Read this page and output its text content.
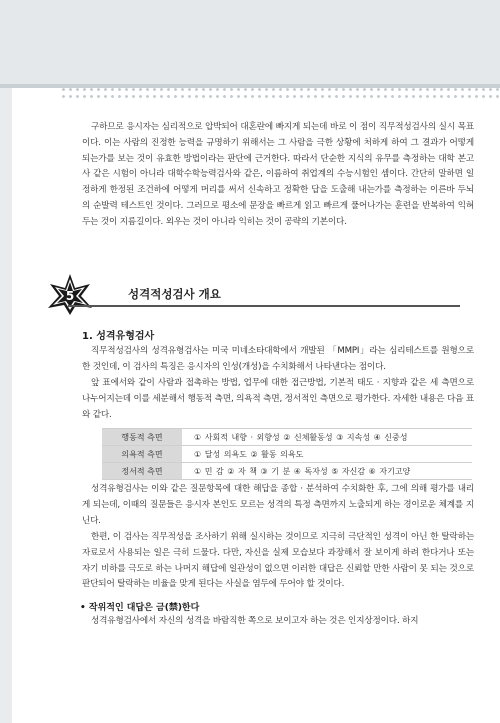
구하므로 응시자는 심리적으로 압박되어 대혼란에 빠지게 되는데 바로 이 점이 직무적성검사의 실시 목표이다. 이는 사람의 진정한 능력을 규명하기 위해서는 그 사람을 극한 상황에 처하게 하여 그 결과가 어떻게 되는가를 보는 것이 유효한 방법이라는 판단에 근거한다. 따라서 단순한 지식의 유무를 측정하는 대학 본고사 같은 시험이 아니라 대학수학능력검사와 같은, 이름하여 취업계의 수능시험인 셈이다. 간단히 말하면 일정하게 한정된 조건하에 어떻게 머리를 써서 신속하고 정확한 답을 도출해 내는가를 측정하는 이른바 두뇌의 순발력 테스트인 것이다. 그러므로 평소에 문장을 빠르게 읽고 빠르게 풀어나가는 훈련을 반복하여 익혀두는 것이 지름길이다. 외우는 것이 아니라 익히는 것이 공략의 기본이다.

5	성격적성검사 개요
1. 성격유형검사

직무적성검사의 성격유형검사는 미국 미네소타대학에서 개발된 「MMPI」라는 심리테스트를 원형으로 한 것인데, 이 검사의 특징은 응시자의 인성(개성)을 수치화해서 나타낸다는 점이다.

앞 표에서와 같이 사람과 접촉하는 방법, 업무에 대한 접근방법, 기본적 태도 · 지향과 같은 세 측면으로 나누어지는데 이를 세분해서 행동적 측면, 의욕적 측면, 정서적인 측면으로 평가한다. 자세한 내용은 다음 표와 같다.

행동적 측면	① 사회적 내향 · 외향성 ② 신체활동성 ③ 지속성 ④ 신중성
의욕적 측면	① 달성 의욕도 ② 활동 의욕도
정서적 측면	① 민 감 ② 자 책 ③ 기 분 ④ 독자성 ⑤ 자신감 ⑥ 자기고양

성격유형검사는 이와 같은 질문항목에 대한 해답을 종합 · 분석하여 수치화한 후, 그에 의해 평가를 내리게 되는데, 이때의 질문들은 응시자 본인도 모르는 성격의 특정 측면까지 노출되게 하는 경이로운 체계를 지닌다.

한편, 이 검사는 직무적성을 조사하기 위해 실시하는 것이므로 지극히 극단적인 성격이 아닌 한 탈락하는 자료로서 사용되는 일은 극히 드물다. 다만, 자신을 실제 모습보다 과장해서 잘 보이게 하려 한다거나 또는 자기 비하를 극도로 하는 나머지 해답에 일관성이 없으면 이러한 대답은 신뢰할 만한 사람이 못 되는 것으로 판단되어 탈락하는 비율을 맞게 된다는 사실을 염두에 두어야 할 것이다.

• 작위적인 대답은 금(禁)한다

성격유형검사에서 자신의 성격을 바람직한 쪽으로 보이고자 하는 것은 인지상정이다. 하지
